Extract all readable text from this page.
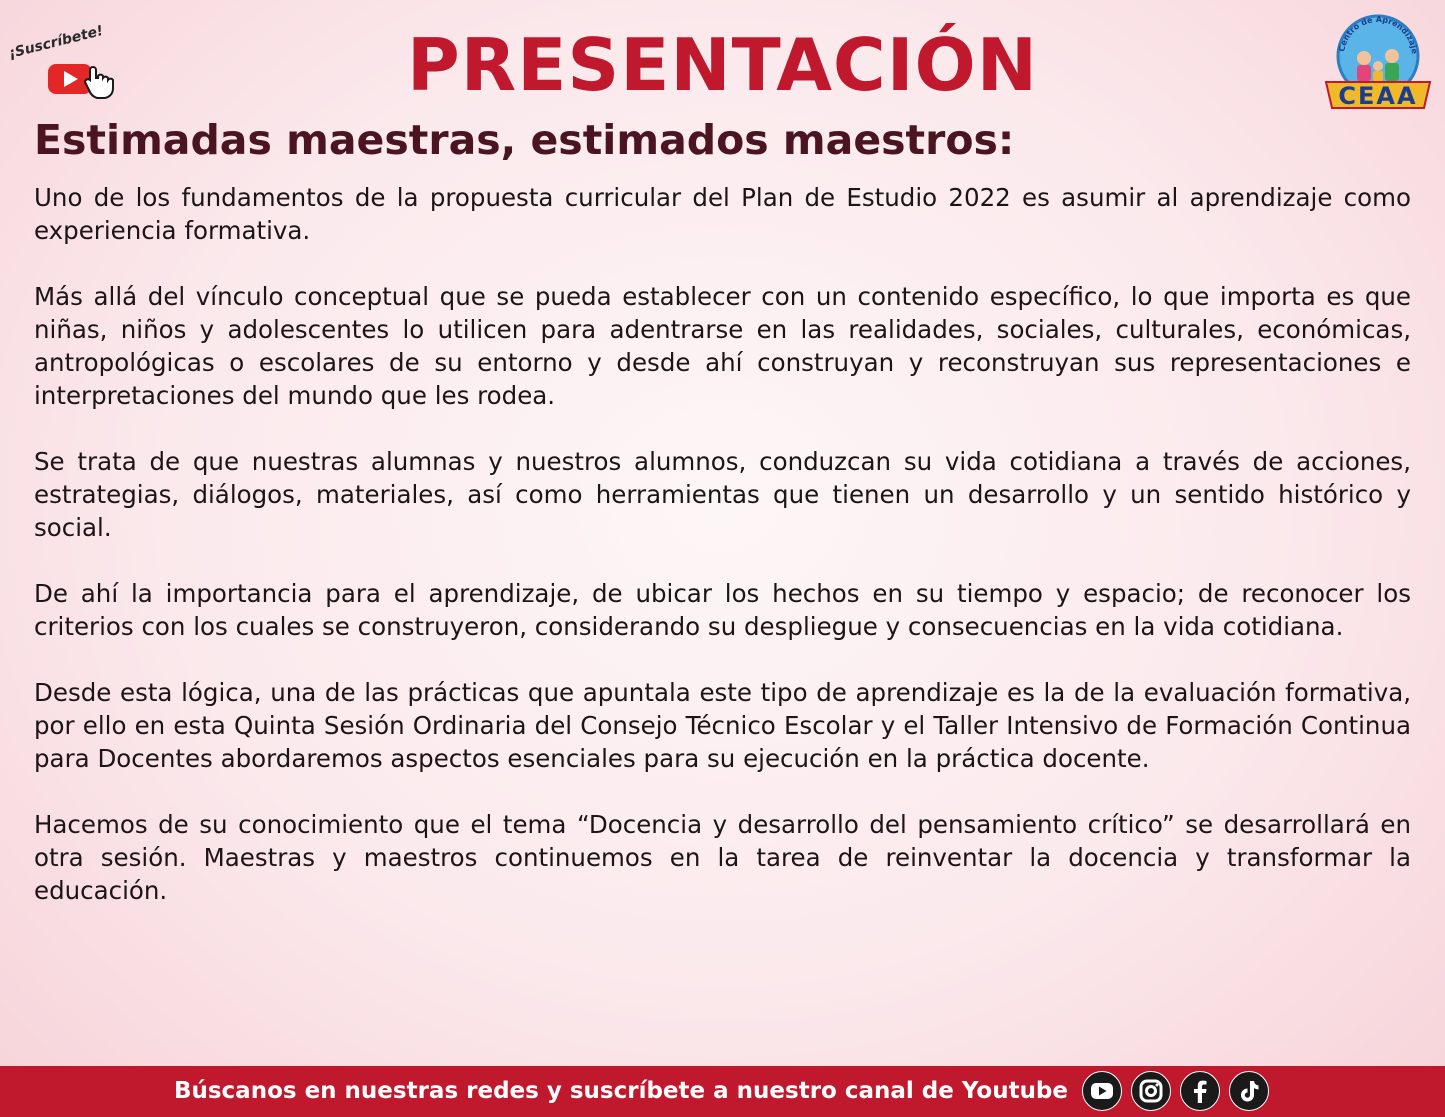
¡Suscríbete!	PRESENTACIÓN	Centro de Aprendizaje
CEAA
Estimadas maestras, estimados maestros:

Uno de los fundamentos de la propuesta curricular del Plan de Estudio 2022 es asumir al aprendizaje como experiencia formativa.

Más allá del vínculo conceptual que se pueda establecer con un contenido específico, lo que importa es que niñas, niños y adolescentes lo utilicen para adentrarse en las realidades, sociales, culturales, económicas, antropológicas o escolares de su entorno y desde ahí construyan y reconstruyan sus representaciones e interpretaciones del mundo que les rodea.

Se trata de que nuestras alumnas y nuestros alumnos, conduzcan su vida cotidiana a través de acciones, estrategias, diálogos, materiales, así como herramientas que tienen un desarrollo y un sentido histórico y social.

De ahí la importancia para el aprendizaje, de ubicar los hechos en su tiempo y espacio; de reconocer los criterios con los cuales se construyeron, considerando su despliegue y consecuencias en la vida cotidiana.

Desde esta lógica, una de las prácticas que apuntala este tipo de aprendizaje es la de la evaluación formativa, por ello en esta Quinta Sesión Ordinaria del Consejo Técnico Escolar y el Taller Intensivo de Formación Continua para Docentes abordaremos aspectos esenciales para su ejecución en la práctica docente.

Hacemos de su conocimiento que el tema “Docencia y desarrollo del pensamiento crítico” se desarrollará en otra sesión. Maestras y maestros continuemos en la tarea de reinventar la docencia y transformar la educación.

Búscanos en nuestras redes y suscríbete a nuestro canal de Youtube
